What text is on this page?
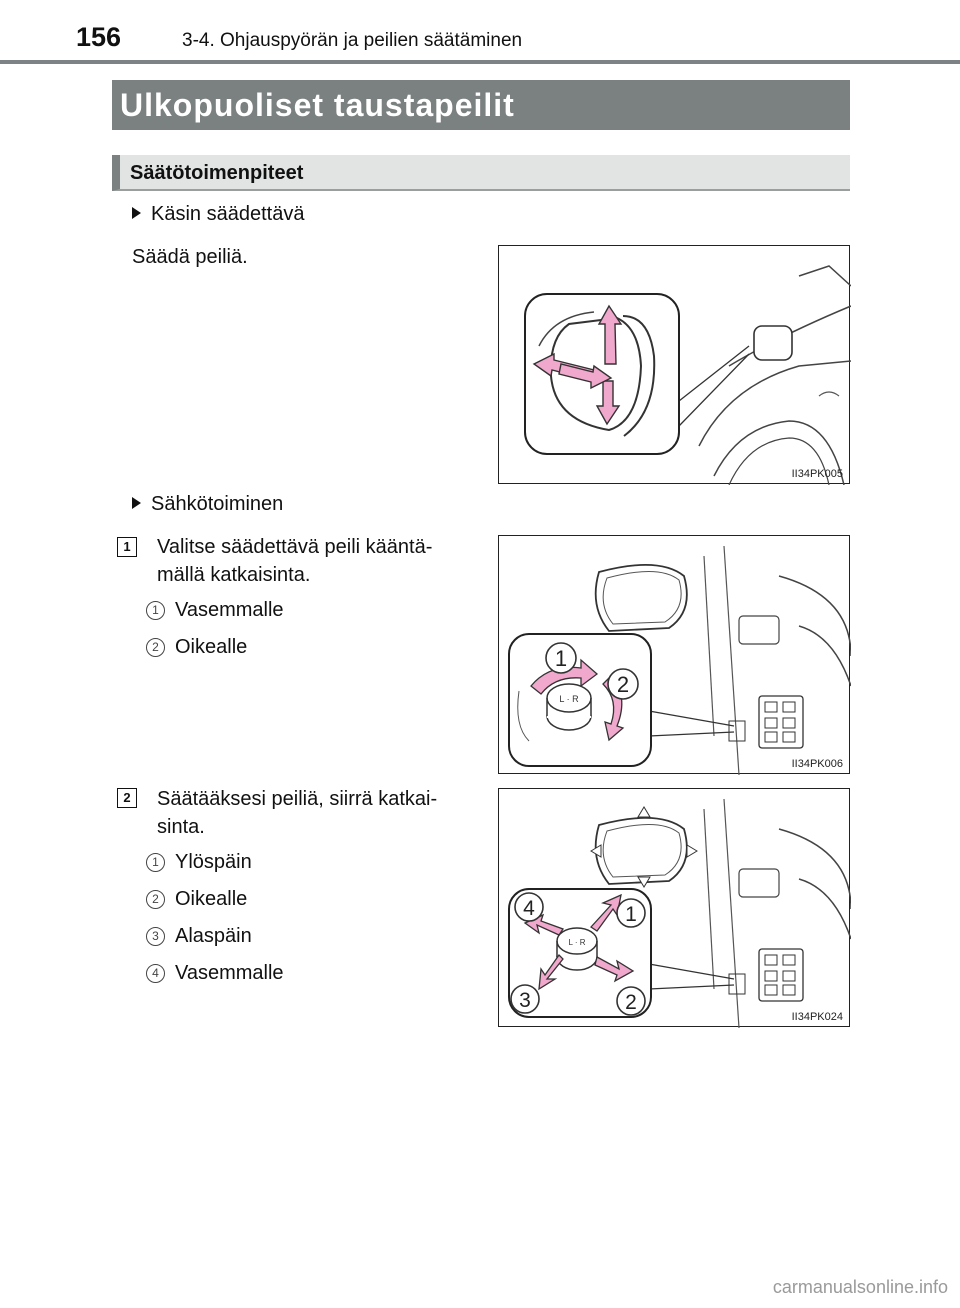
156	3-4. Ohjauspyörän ja peilien säätäminen
Ulkopuoliset taustapeilit
Säätötoimenpiteet
Käsin säädettävä
Säädä peiliä.
II34PK005
Sähkötoiminen
1	Valitse säädettävä peili kääntä-
mällä katkaisinta.
1 Vasemmalle
2 Oikealle
L · R
1
2
II34PK006
2	Säätääksesi peiliä, siirrä katkai-
sinta.
1 Ylöspäin
2 Oikealle
3 Alaspäin
4 Vasemmalle
L · R
4	1
3	2
II34PK024
carmanualsonline.info
